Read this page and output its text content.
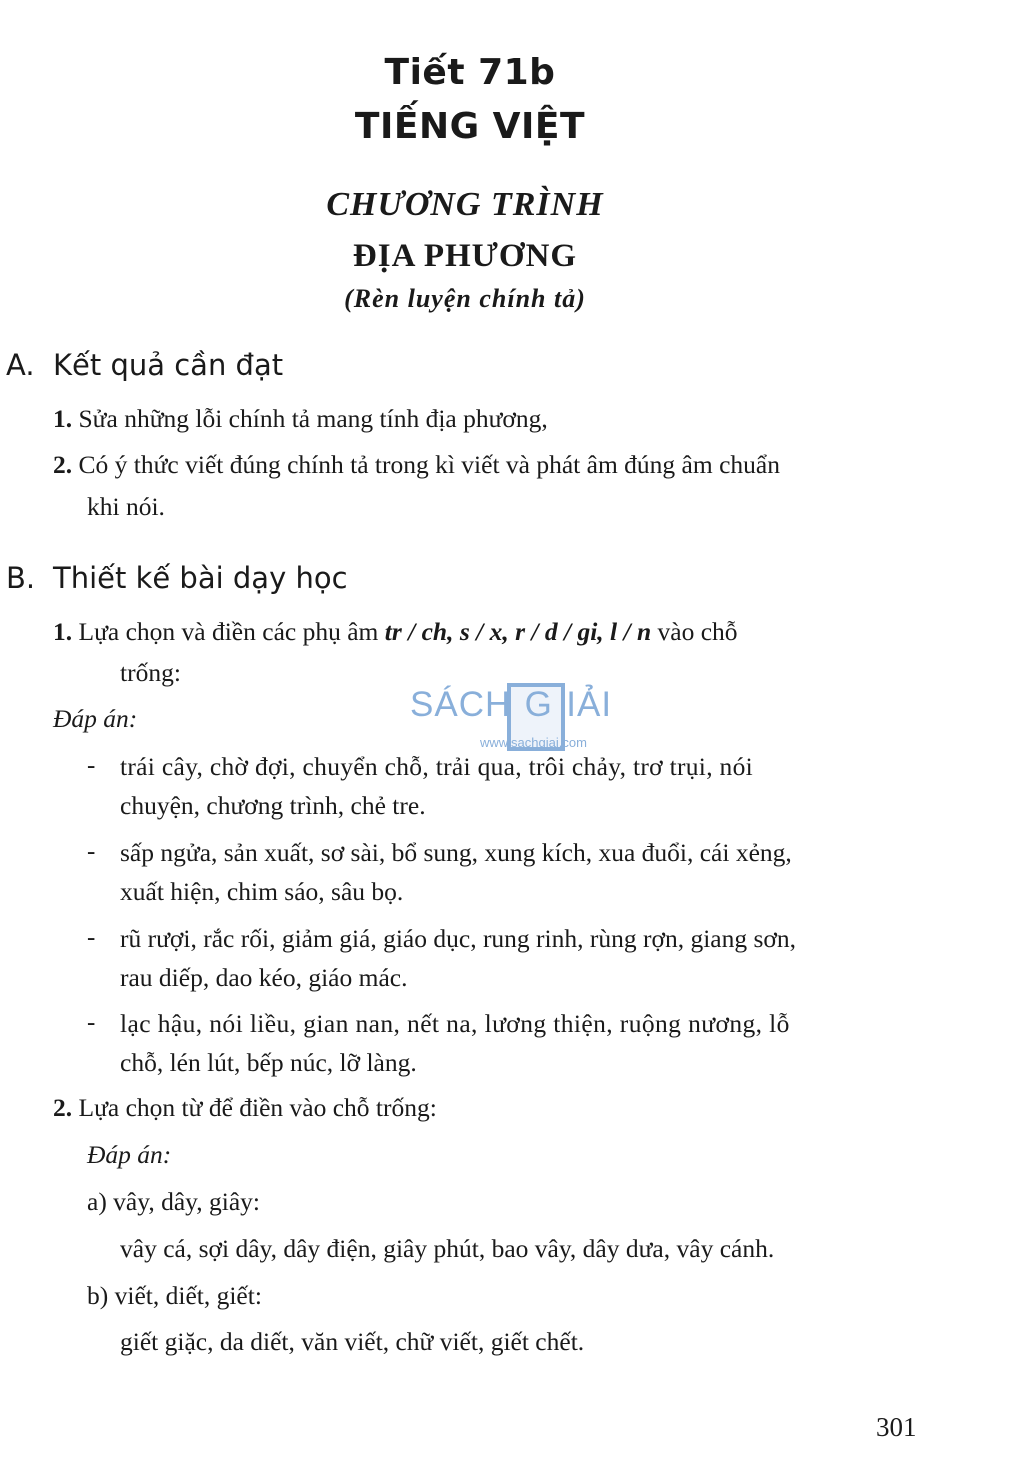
Tiết 71b
TIẾNG VIỆT
CHƯƠNG TRÌNH
ĐỊA PHƯƠNG
(Rèn luyện chính tả)
A. Kết quả cần đạt
1. Sửa những lỗi chính tả mang tính địa phương,
2. Có ý thức viết đúng chính tả trong kì viết và phát âm đúng âm chuẩn
khi nói.
B. Thiết kế bài dạy học
1. Lựa chọn và điền các phụ âm tr / ch, s / x, r / d / gi, l / n vào chỗ
trống:
Đáp án:	SÁCH G IẢI
www.sachgiai.com
- trái cây, chờ đợi, chuyển chỗ, trải qua, trôi chảy, trơ trụi, nói
chuyện, chương trình, chẻ tre.
- sấp ngửa, sản xuất, sơ sài, bổ sung, xung kích, xua đuổi, cái xẻng,
xuất hiện, chim sáo, sâu bọ.
- rũ rượi, rắc rối, giảm giá, giáo dục, rung rinh, rùng rợn, giang sơn,
rau diếp, dao kéo, giáo mác.
- lạc hậu, nói liều, gian nan, nết na, lương thiện, ruộng nương, lỗ
chỗ, lén lút, bếp núc, lỡ làng.
2. Lựa chọn từ để điền vào chỗ trống:
Đáp án:
a) vây, dây, giây:
vây cá, sợi dây, dây điện, giây phút, bao vây, dây dưa, vây cánh.
b) viết, diết, giết:
giết giặc, da diết, văn viết, chữ viết, giết chết.
301
